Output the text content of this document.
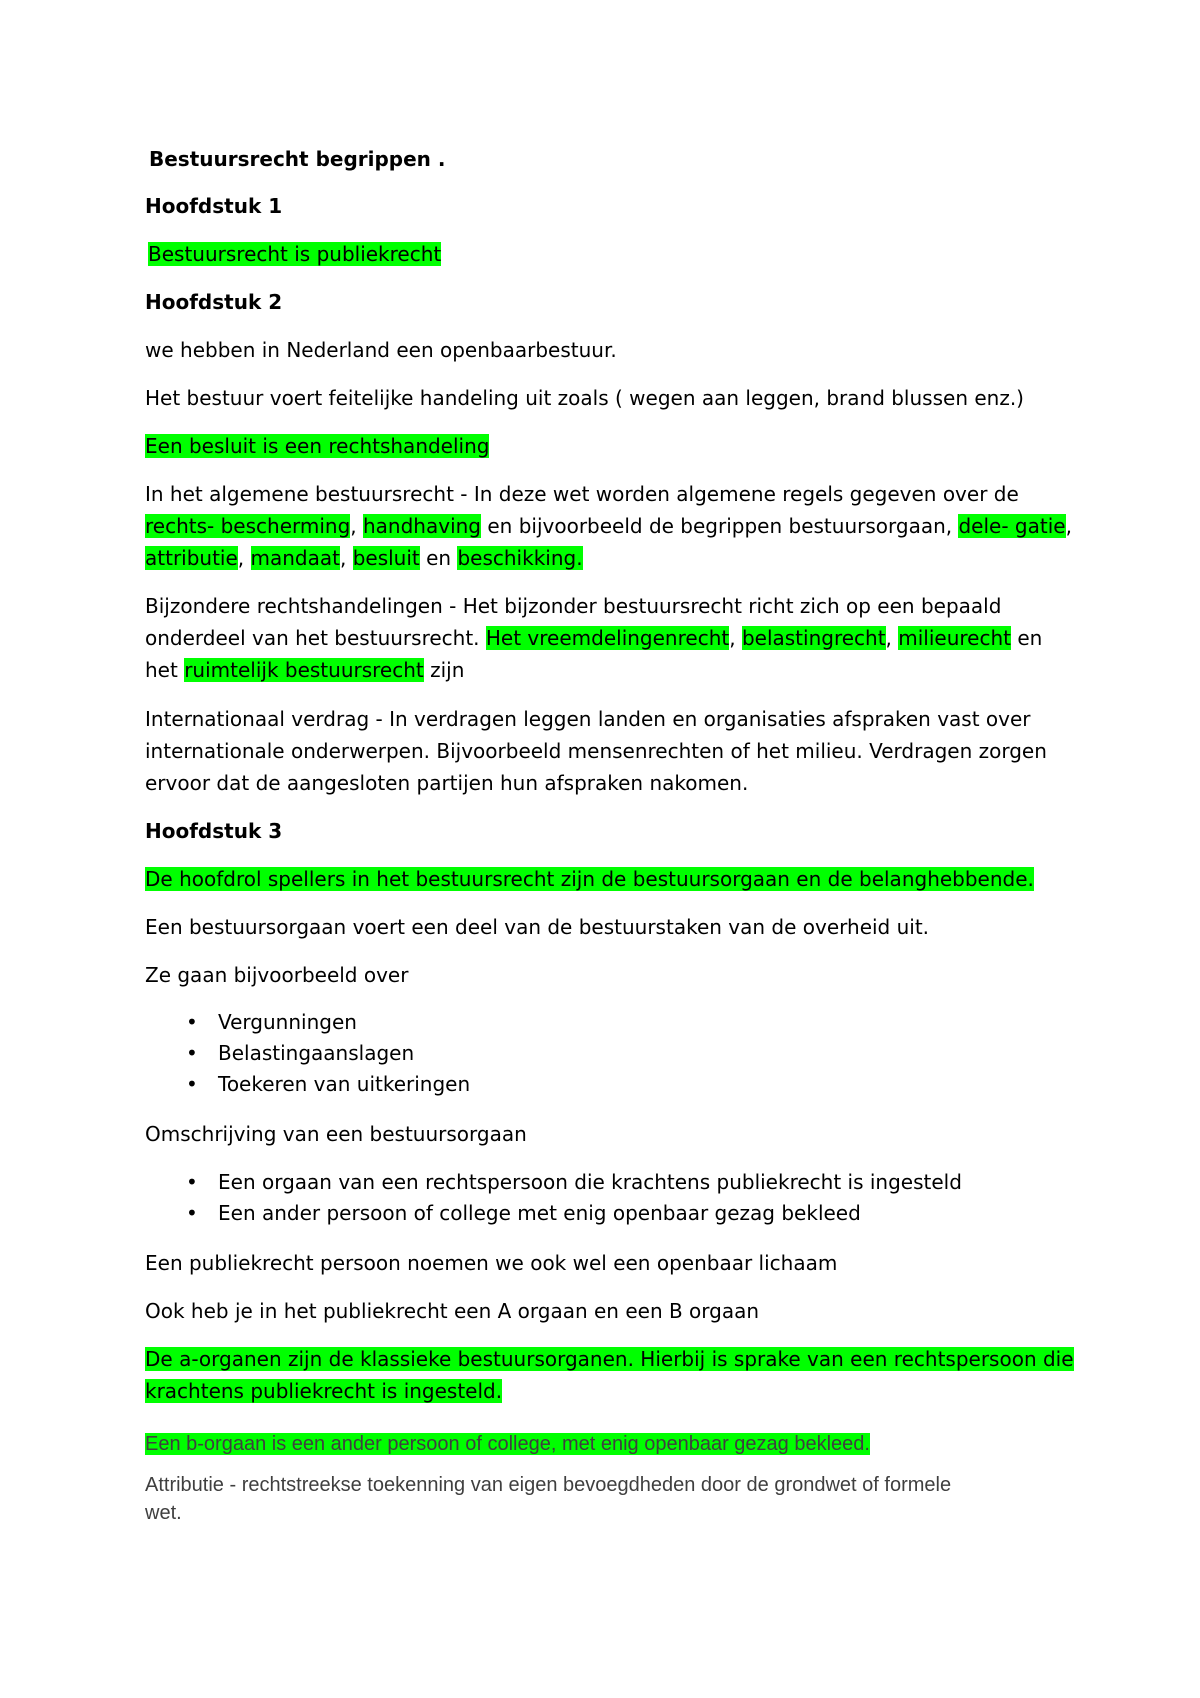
Bestuursrecht begrippen .

Hoofdstuk 1

Bestuursrecht is publiekrecht

Hoofdstuk 2

we hebben in Nederland een openbaarbestuur.

Het bestuur voert feitelijke handeling uit zoals ( wegen aan leggen, brand blussen enz.)

Een besluit is een rechtshandeling

In het algemene bestuursrecht - In deze wet worden algemene regels gegeven over de rechts- bescherming, handhaving en bijvoorbeeld de begrippen bestuursorgaan, dele- gatie, attributie, mandaat, besluit en beschikking.

Bijzondere rechtshandelingen - Het bijzonder bestuursrecht richt zich op een bepaald onderdeel van het bestuursrecht. Het vreemdelingenrecht, belastingrecht, milieurecht en het ruimtelijk bestuursrecht zijn

Internationaal verdrag - In verdragen leggen landen en organisaties afspraken vast over internationale onderwerpen. Bijvoorbeeld mensenrechten of het milieu. Verdragen zorgen ervoor dat de aangesloten partijen hun afspraken nakomen.

Hoofdstuk 3

De hoofdrol spellers in het bestuursrecht zijn de bestuursorgaan en de belanghebbende.

Een bestuursorgaan voert een deel van de bestuurstaken van de overheid uit.

Ze gaan bijvoorbeeld over

• Vergunningen
• Belastingaanslagen
• Toekeren van uitkeringen

Omschrijving van een bestuursorgaan

• Een orgaan van een rechtspersoon die krachtens publiekrecht is ingesteld
• Een ander persoon of college met enig openbaar gezag bekleed

Een publiekrecht persoon noemen we ook wel een openbaar lichaam

Ook heb je in het publiekrecht een A orgaan en een B orgaan

De a-organen zijn de klassieke bestuursorganen. Hierbij is sprake van een rechtspersoon die

krachtens publiekrecht is ingesteld.

Een b-orgaan is een ander persoon of college, met enig openbaar gezag bekleed.

Attributie - rechtstreekse toekenning van eigen bevoegdheden door de grondwet of formele

wet.
